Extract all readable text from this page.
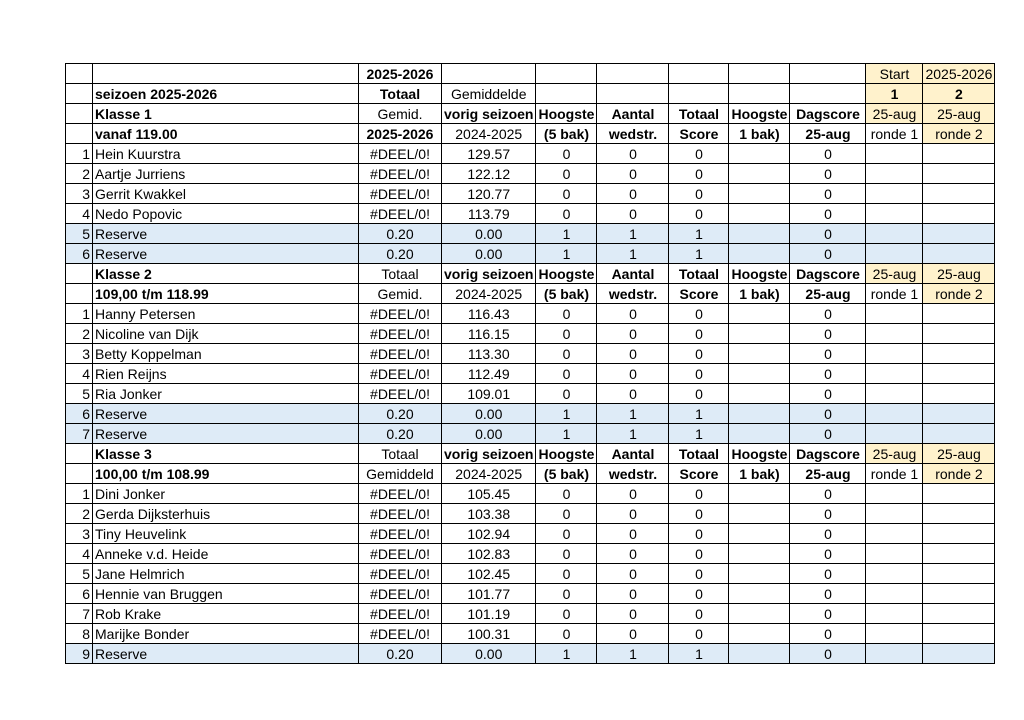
		2025-2026							Start	2025-2026
	seizoen 2025-2026	Totaal	Gemiddelde						1	2
	Klasse 1	Gemid.	vorig seizoen	Hoogste	Aantal	Totaal	Hoogste	Dagscore	25-aug	25-aug
	vanaf 119.00	2025-2026	2024-2025	(5 bak)	wedstr.	Score	1 bak)	25-aug	ronde 1	ronde 2
1	Hein Kuurstra	#DEEL/0!	129.57	0	0	0		0		
2	Aartje Jurriens	#DEEL/0!	122.12	0	0	0		0		
3	Gerrit Kwakkel	#DEEL/0!	120.77	0	0	0		0		
4	Nedo Popovic	#DEEL/0!	113.79	0	0	0		0		
5	Reserve	0.20	0.00	1	1	1		0		
6	Reserve	0.20	0.00	1	1	1		0		
	Klasse 2	Totaal	vorig seizoen	Hoogste	Aantal	Totaal	Hoogste	Dagscore	25-aug	25-aug
	109,00 t/m 118.99	Gemid.	2024-2025	(5 bak)	wedstr.	Score	1 bak)	25-aug	ronde 1	ronde 2
1	Hanny Petersen	#DEEL/0!	116.43	0	0	0		0		
2	Nicoline van Dijk	#DEEL/0!	116.15	0	0	0		0		
3	Betty Koppelman	#DEEL/0!	113.30	0	0	0		0		
4	Rien Reijns	#DEEL/0!	112.49	0	0	0		0		
5	Ria Jonker	#DEEL/0!	109.01	0	0	0		0		
6	Reserve	0.20	0.00	1	1	1		0		
7	Reserve	0.20	0.00	1	1	1		0		
	Klasse 3	Totaal	vorig seizoen	Hoogste	Aantal	Totaal	Hoogste	Dagscore	25-aug	25-aug
	100,00 t/m 108.99	Gemiddeld	2024-2025	(5 bak)	wedstr.	Score	1 bak)	25-aug	ronde 1	ronde 2
1	Dini Jonker	#DEEL/0!	105.45	0	0	0		0		
2	Gerda Dijksterhuis	#DEEL/0!	103.38	0	0	0		0		
3	Tiny Heuvelink	#DEEL/0!	102.94	0	0	0		0		
4	Anneke v.d. Heide	#DEEL/0!	102.83	0	0	0		0		
5	Jane Helmrich	#DEEL/0!	102.45	0	0	0		0		
6	Hennie van Bruggen	#DEEL/0!	101.77	0	0	0		0		
7	Rob Krake	#DEEL/0!	101.19	0	0	0		0		
8	Marijke Bonder	#DEEL/0!	100.31	0	0	0		0		
9	Reserve	0.20	0.00	1	1	1		0		
